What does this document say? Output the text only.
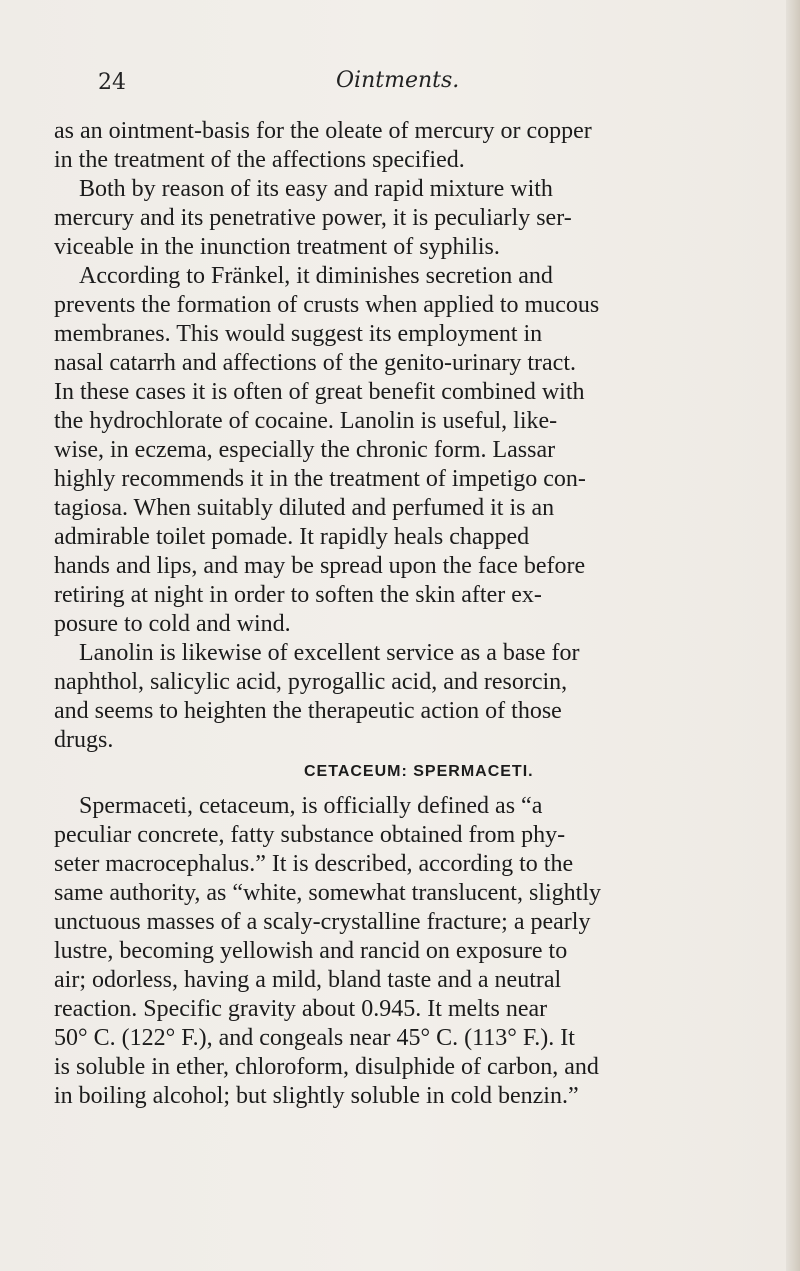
24	Ointments.
as an ointment-basis for the oleate of mercury or copper
in the treatment of the affections specified.
Both by reason of its easy and rapid mixture with
mercury and its penetrative power, it is peculiarly ser-
viceable in the inunction treatment of syphilis.
According to Fränkel, it diminishes secretion and
prevents the formation of crusts when applied to mucous
membranes. This would suggest its employment in
nasal catarrh and affections of the genito-urinary tract.
In these cases it is often of great benefit combined with
the hydrochlorate of cocaine. Lanolin is useful, like-
wise, in eczema, especially the chronic form. Lassar
highly recommends it in the treatment of impetigo con-
tagiosa. When suitably diluted and perfumed it is an
admirable toilet pomade. It rapidly heals chapped
hands and lips, and may be spread upon the face before
retiring at night in order to soften the skin after ex-
posure to cold and wind.
Lanolin is likewise of excellent service as a base for
naphthol, salicylic acid, pyrogallic acid, and resorcin,
and seems to heighten the therapeutic action of those
drugs.
CETACEUM: SPERMACETI.
Spermaceti, cetaceum, is officially defined as “a
peculiar concrete, fatty substance obtained from phy-
seter macrocephalus.” It is described, according to the
same authority, as “white, somewhat translucent, slightly
unctuous masses of a scaly-crystalline fracture; a pearly
lustre, becoming yellowish and rancid on exposure to
air; odorless, having a mild, bland taste and a neutral
reaction. Specific gravity about 0.945. It melts near
50° C. (122° F.), and congeals near 45° C. (113° F.). It
is soluble in ether, chloroform, disulphide of carbon, and
in boiling alcohol; but slightly soluble in cold benzin.”
